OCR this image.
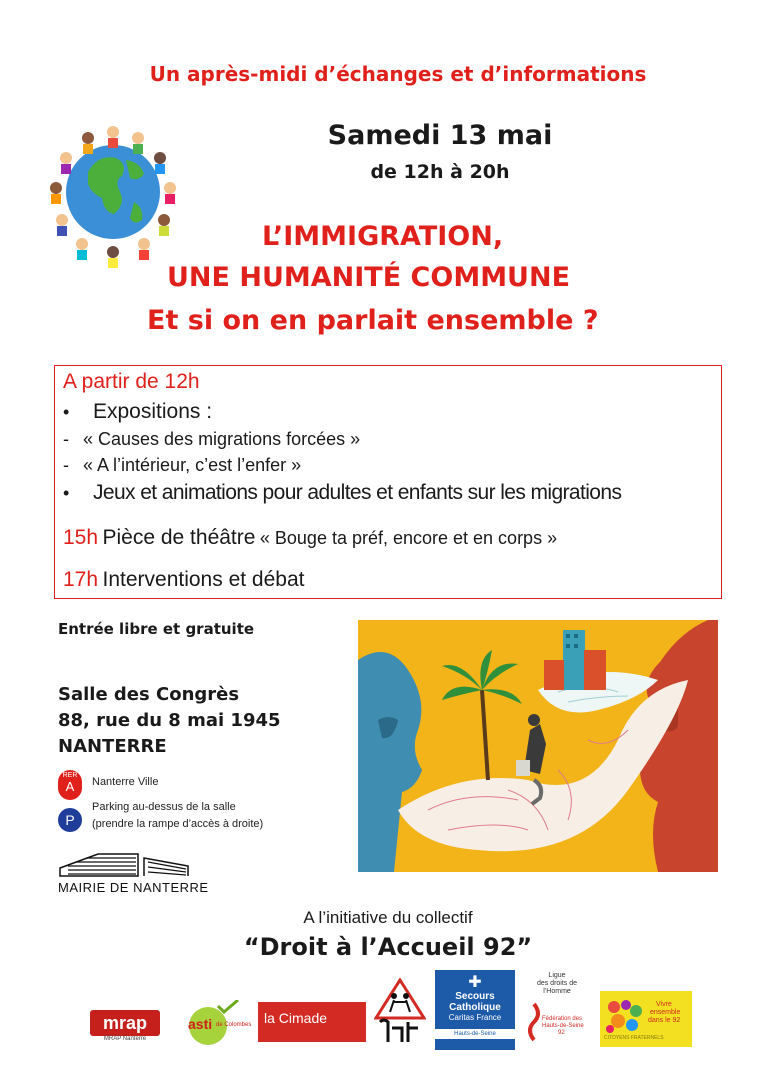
Un après-midi d’échanges et d’informations
Samedi 13 mai
de 12h à 20h
L’IMMIGRATION,
UNE HUMANITÉ COMMUNE
Et si on en parlait ensemble ?
A partir de 12h
• Expositions :
- « Causes des migrations forcées »
- « A l’intérieur, c’est l’enfer »
• Jeux et animations pour adultes et enfants sur les migrations
15h Pièce de théâtre « Bouge ta préf, encore et en corps »
17h Interventions et débat
Entrée libre et gratuite
Salle des Congrès
88, rue du 8 mai 1945
NANTERRE
RER
A	Nanterre Ville
P
Parking au-dessus de la salle
(prendre la rampe d’accès à droite)
MAIRIE DE NANTERRE
A l’initiative du collectif
“Droit à l’Accueil 92”
mrap
MRAP Nanterre
asti de Colombes la Cimade
✚
Secours
Catholique
Caritas France
Hauts-de-Seine
Ligue
des droits de
l’Homme
Fédération des
Hauts-de-Seine
92
Vivre
ensemble
dans le 92
CITOYENS FRATERNELS
